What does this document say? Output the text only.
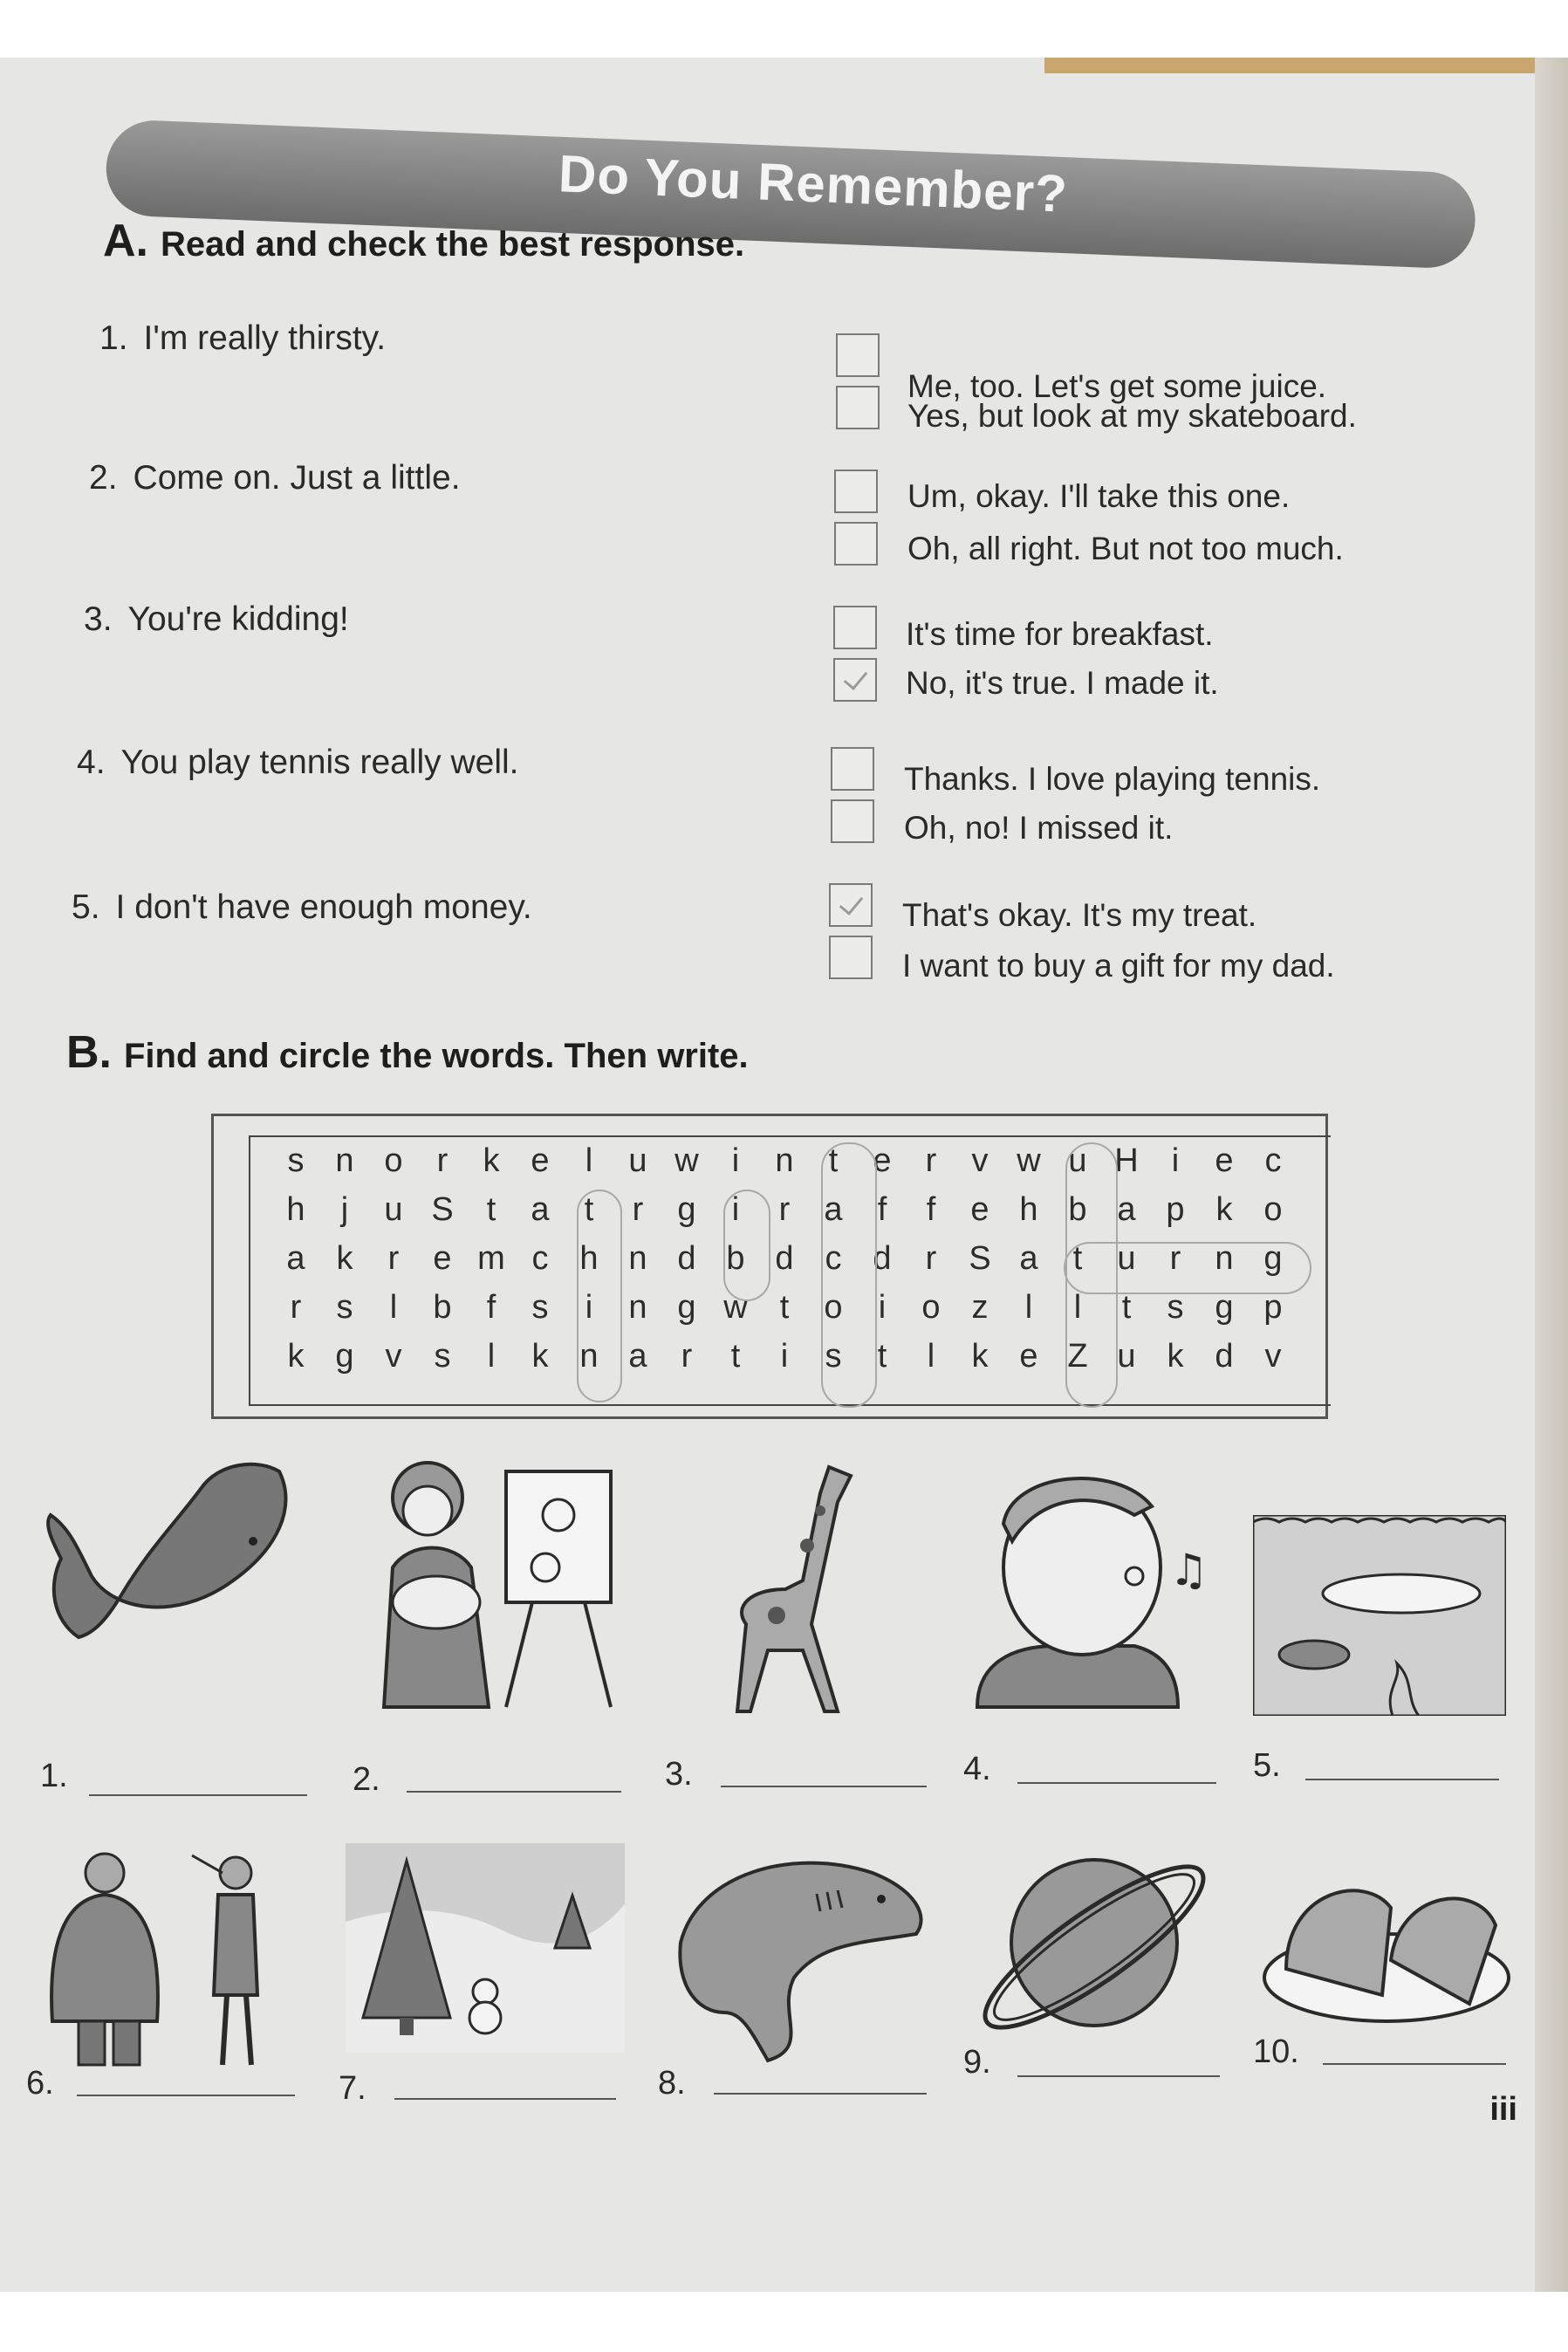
Do You Remember?
A. Read and check the best response.
1. I'm really thirsty.
Me, too. Let's get some juice.
Yes, but look at my skateboard.
2. Come on. Just a little.	Um, okay. I'll take this one.
Oh, all right. But not too much.
3. You're kidding!	It's time for breakfast.
No, it's true. I made it.
4. You play tennis really well.	Thanks. I love playing tennis.
Oh, no! I missed it.
5. I don't have enough money.	That's okay. It's my treat.
I want to buy a gift for my dad.
B. Find and circle the words. Then write.
s n o	r	k e	l	u w	i	n	t	e	r	v w u H	i	e c
h	j	u S	t	a	t	r	g	i	r	a	f	f	e h b a p k o
a k	r	e m c h n d b d c d	r S a	t	u	r	n g
r	s	l	b	f	s	i	n g w t	o	i	o z	l	l	t	s g p
k g v s	l	k n a	r	t	i	s	t	l	k e Z u k d v
♫
1.	2.	3.	4.	5.
6.	7.	8.
9.	10.
iii
